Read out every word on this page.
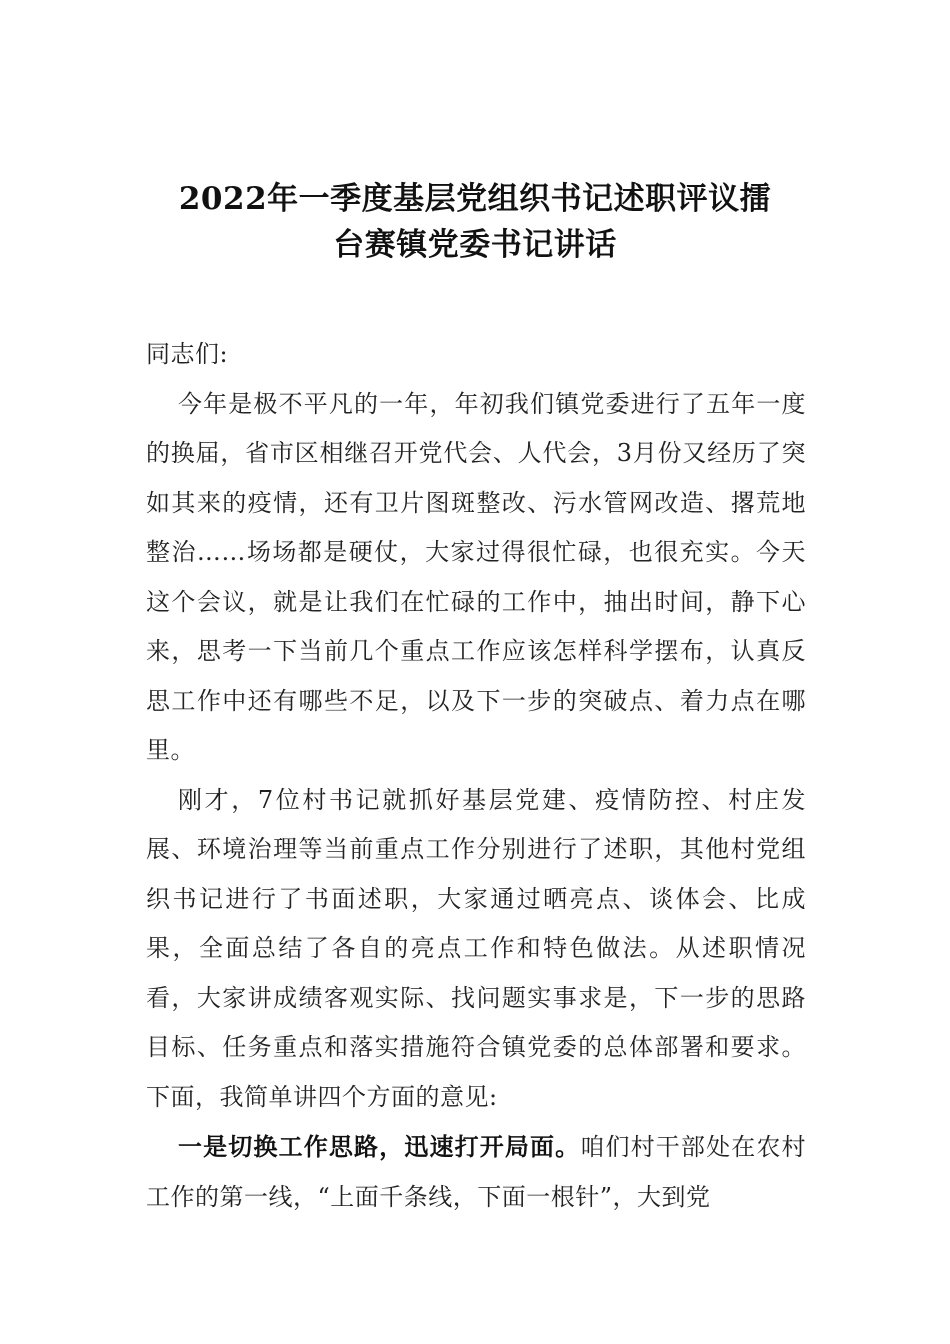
2022年一季度基层党组织书记述职评议擂
台赛镇党委书记讲话

同志们:

今年是极不平凡的一年，年初我们镇党委进行了五年一度的换届，省市区相继召开党代会、人代会，3月份又经历了突如其来的疫情，还有卫片图斑整改、污水管网改造、撂荒地整治……场场都是硬仗，大家过得很忙碌，也很充实。今天这个会议，就是让我们在忙碌的工作中，抽出时间，静下心来，思考一下当前几个重点工作应该怎样科学摆布，认真反思工作中还有哪些不足，以及下一步的突破点、着力点在哪里。

刚才，7位村书记就抓好基层党建、疫情防控、村庄发展、环境治理等当前重点工作分别进行了述职，其他村党组织书记进行了书面述职，大家通过晒亮点、谈体会、比成果，全面总结了各自的亮点工作和特色做法。从述职情况看，大家讲成绩客观实际、找问题实事求是，下一步的思路目标、任务重点和落实措施符合镇党委的总体部署和要求。下面，我简单讲四个方面的意见:

一是切换工作思路，迅速打开局面。咱们村干部处在农村工作的第一线，“上面千条线，下面一根针”，大到党
